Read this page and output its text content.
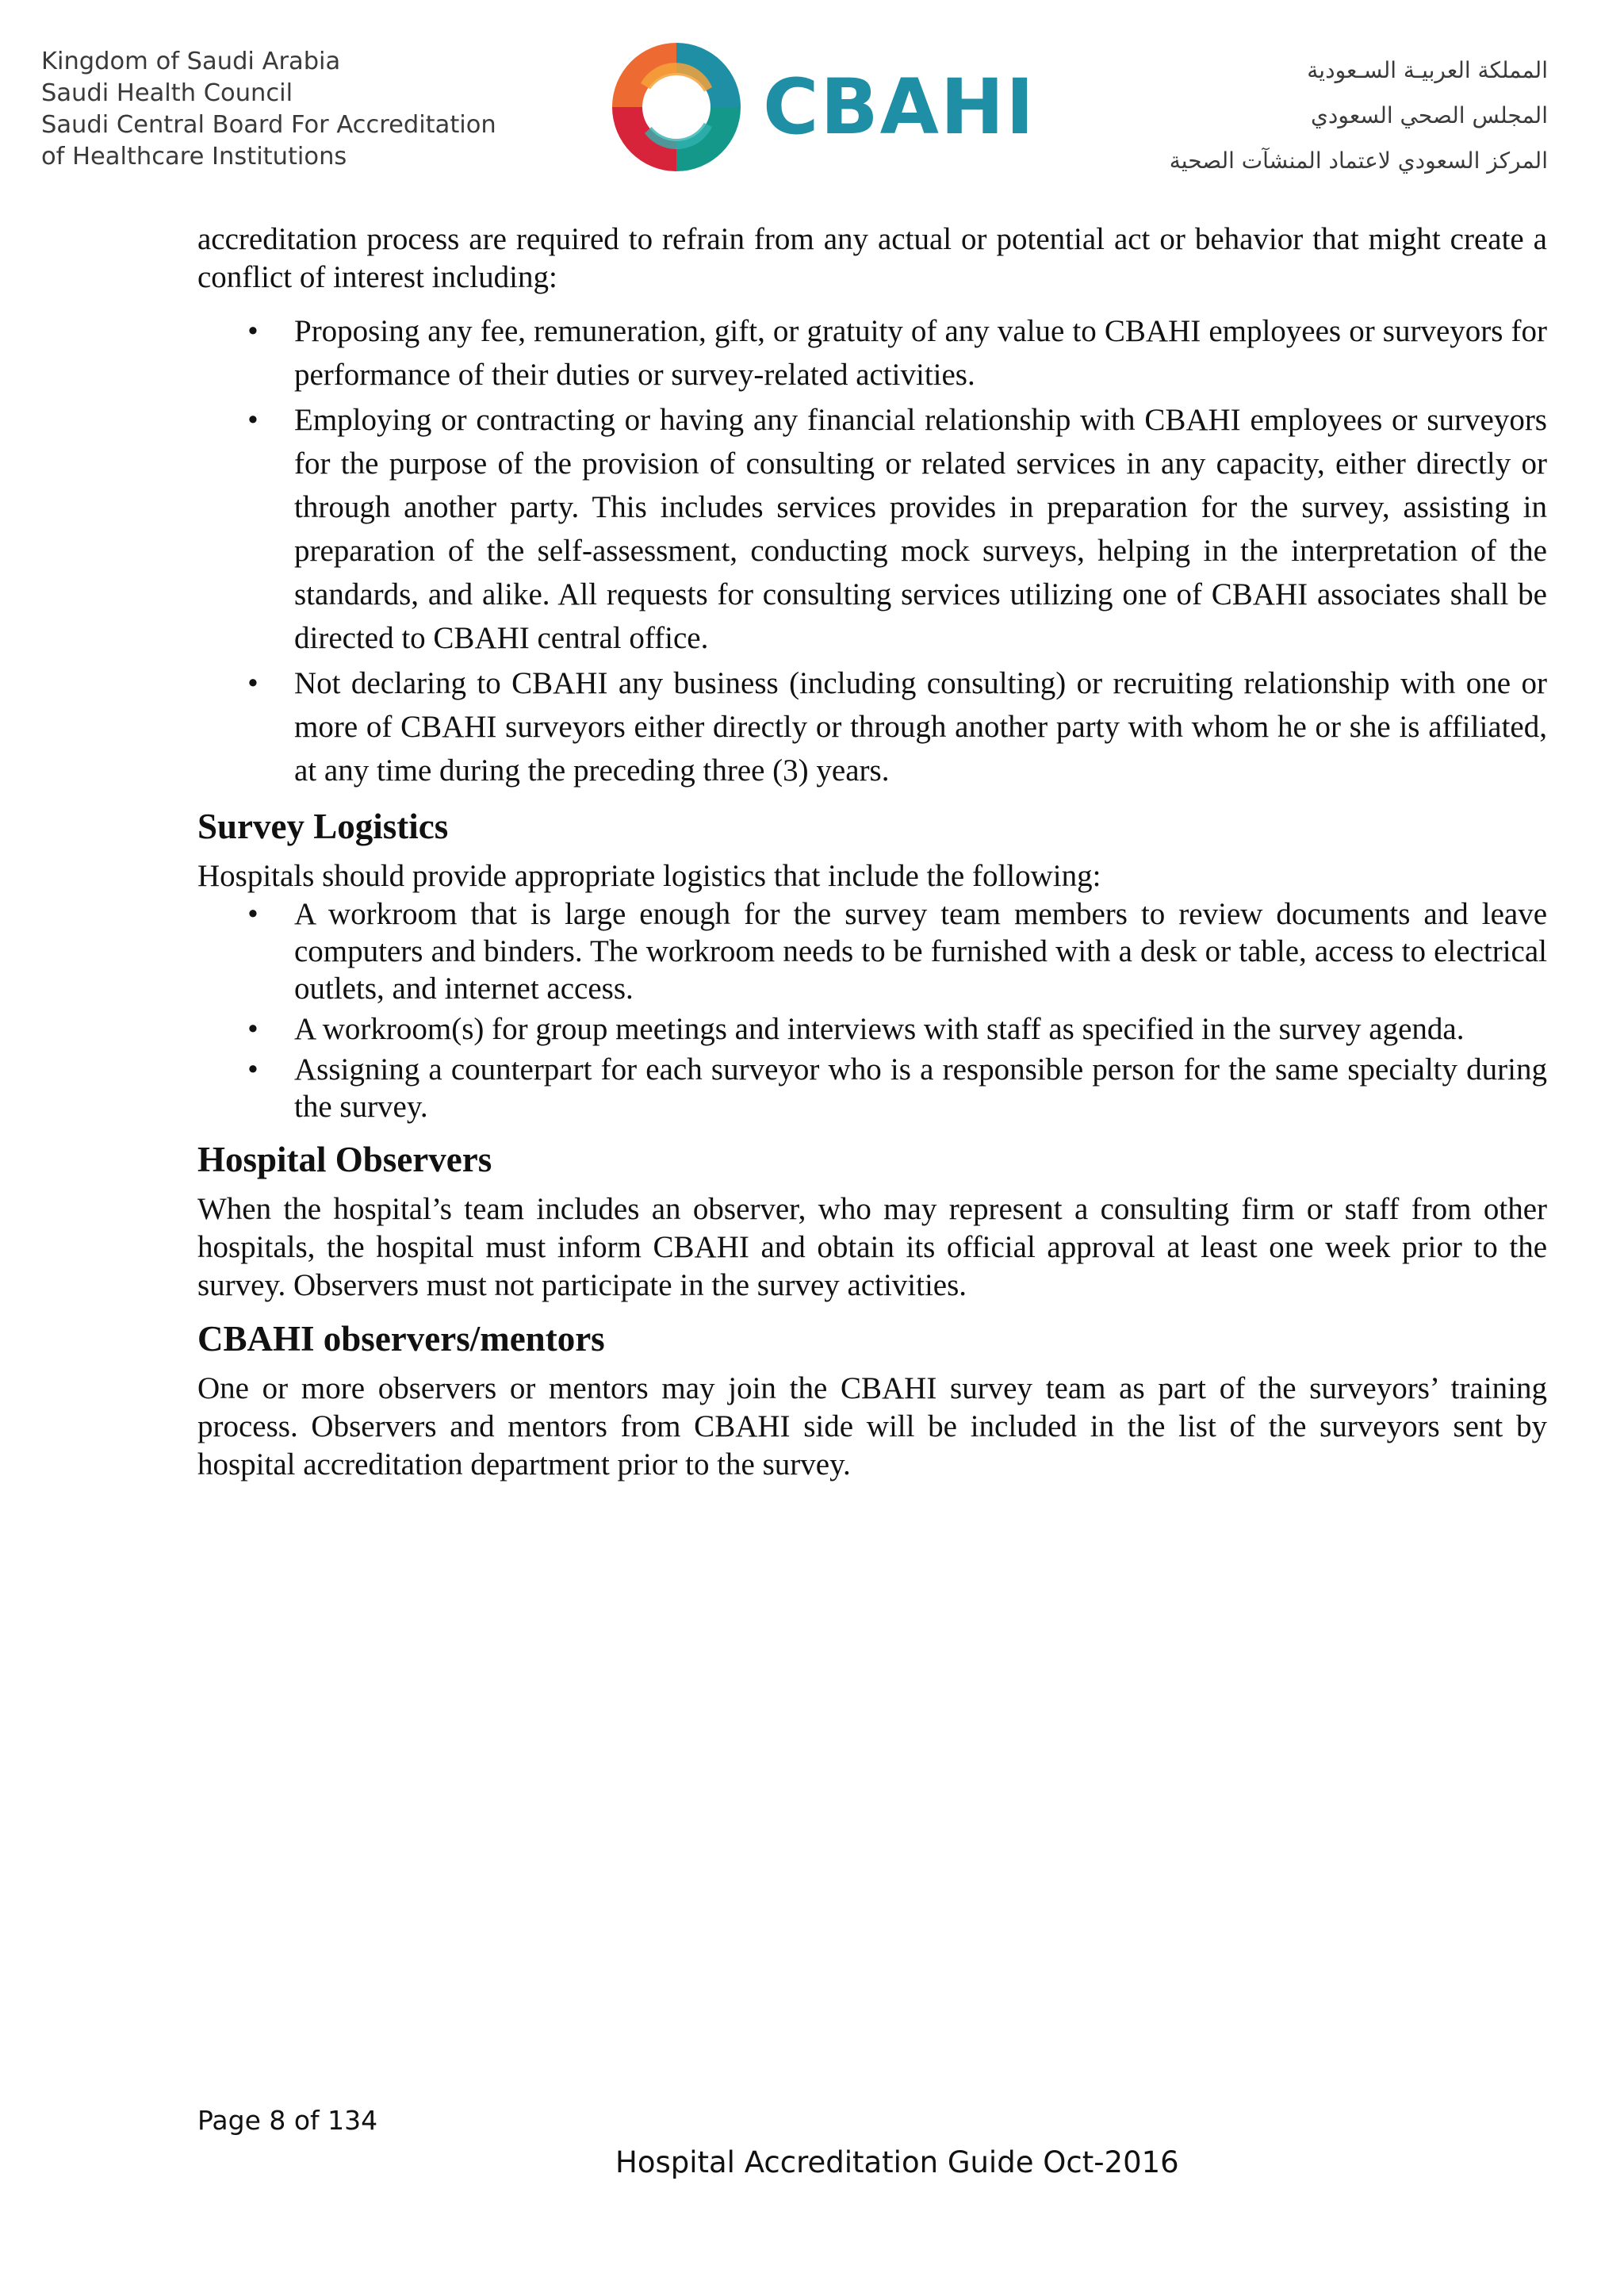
Kingdom of Saudi Arabia
Saudi Health Council
Saudi Central Board For Accreditation
of Healthcare Institutions
CBAHI	المملكة العربيـة السـعودية
المجلس الصحي السعودي
المركز السعودي لاعتماد المنشآت الصحية

accreditation process are required to refrain from any actual or potential act or behavior that might create a conflict of interest including:

• Proposing any fee, remuneration, gift, or gratuity of any value to CBAHI employees or surveyors for performance of their duties or survey-related activities.
• Employing or contracting or having any financial relationship with CBAHI employees or surveyors for the purpose of the provision of consulting or related services in any capacity, either directly or through another party. This includes services provides in preparation for the survey, assisting in preparation of the self-assessment, conducting mock surveys, helping in the interpretation of the standards, and alike. All requests for consulting services utilizing one of CBAHI associates shall be directed to CBAHI central office.
• Not declaring to CBAHI any business (including consulting) or recruiting relationship with one or more of CBAHI surveyors either directly or through another party with whom he or she is affiliated, at any time during the preceding three (3) years.
Survey Logistics

Hospitals should provide appropriate logistics that include the following:

• A workroom that is large enough for the survey team members to review documents and leave computers and binders. The workroom needs to be furnished with a desk or table, access to electrical outlets, and internet access.
• A workroom(s) for group meetings and interviews with staff as specified in the survey agenda.
• Assigning a counterpart for each surveyor who is a responsible person for the same specialty during the survey.
Hospital Observers

When the hospital’s team includes an observer, who may represent a consulting firm or staff from other hospitals, the hospital must inform CBAHI and obtain its official approval at least one week prior to the survey. Observers must not participate in the survey activities.

CBAHI observers/mentors

One or more observers or mentors may join the CBAHI survey team as part of the surveyors’ training process. Observers and mentors from CBAHI side will be included in the list of the surveyors sent by hospital accreditation department prior to the survey.

Page 8 of 134
Hospital Accreditation Guide Oct-2016
